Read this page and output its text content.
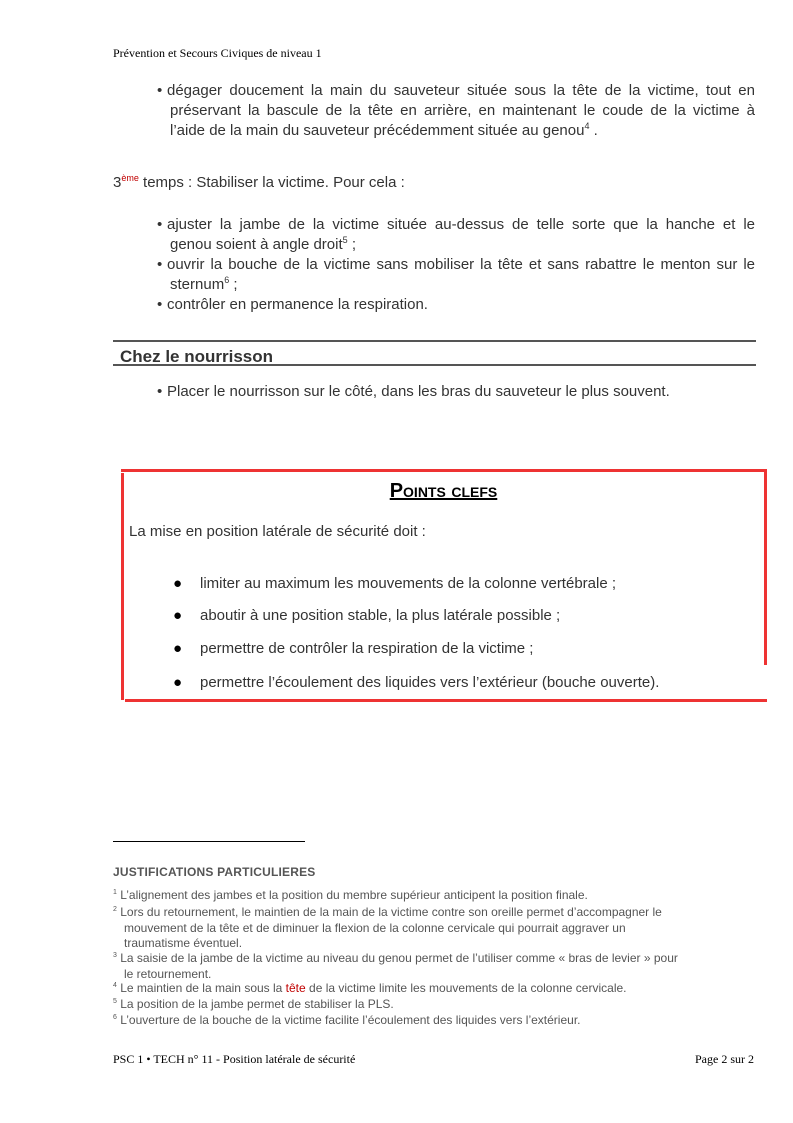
Prévention et Secours Civiques de niveau 1
• dégager doucement la main du sauveteur située sous la tête de la victime, tout en
préservant la bascule de la tête en arrière, en maintenant le coude de la victime à
l’aide de la main du sauveteur précédemment située au genou$^4$ .
3ème temps : Stabiliser la victime. Pour cela :
• ajuster la jambe de la victime située au-dessus de telle sorte que la hanche et le
genou soient à angle droit$^5$ ;
• ouvrir la bouche de la victime sans mobiliser la tête et sans rabattre le menton sur le
sternum$^6$ ;
• contrôler en permanence la respiration.
Chez le nourrisson
• Placer le nourrisson sur le côté, dans les bras du sauveteur le plus souvent.
Points clefs
La mise en position latérale de sécurité doit :
● limiter au maximum les mouvements de la colonne vertébrale ;
● aboutir à une position stable, la plus latérale possible ;
● permettre de contrôler la respiration de la victime ;
● permettre l’écoulement des liquides vers l’extérieur (bouche ouverte).
JUSTIFICATIONS PARTICULIERES
$^1$ L’alignement des jambes et la position du membre supérieur anticipent la position finale.
$^2$ Lors du retournement, le maintien de la main de la victime contre son oreille permet d’accompagner le
mouvement de la tête et de diminuer la flexion de la colonne cervicale qui pourrait aggraver un
traumatisme éventuel.
$^3$ La saisie de la jambe de la victime au niveau du genou permet de l’utiliser comme « bras de levier » pour
le retournement.
$^4$ Le maintien de la main sous la tête de la victime limite les mouvements de la colonne cervicale.
$^5$ La position de la jambe permet de stabiliser la PLS.
$^6$ L’ouverture de la bouche de la victime facilite l’écoulement des liquides vers l’extérieur.
PSC 1 • TECH n° 11 - Position latérale de sécurité	Page 2 sur 2
